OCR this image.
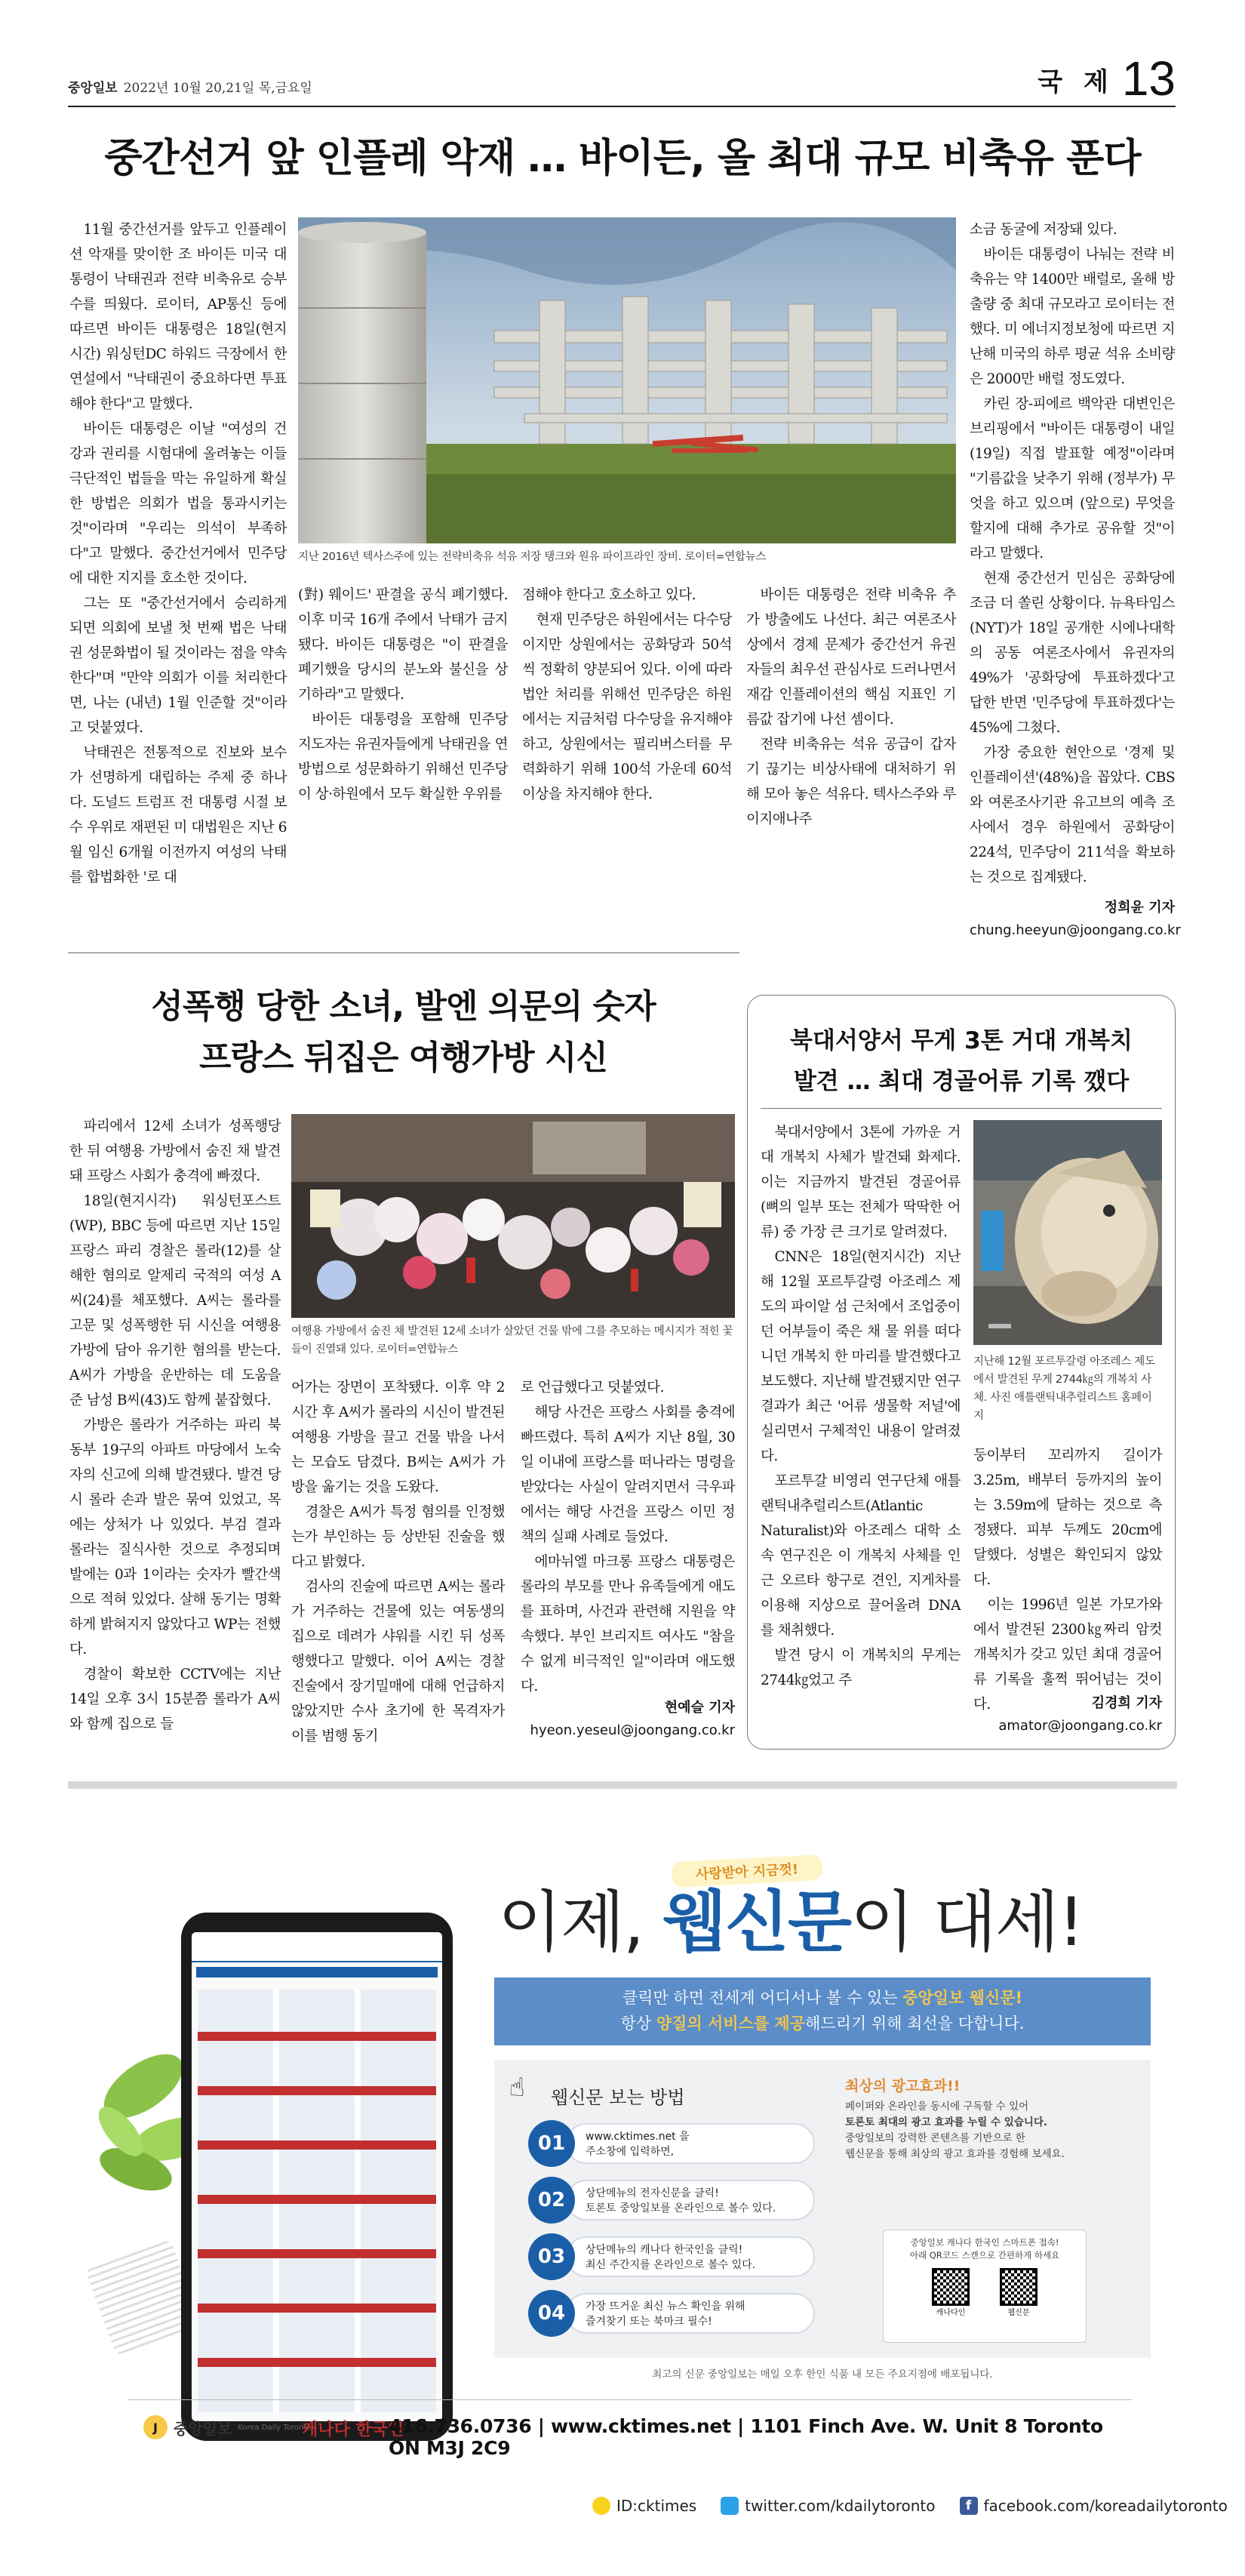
중앙일보 2022년 10월 20,21일 목,금요일	국 제 13
중간선거 앞 인플레 악재 … 바이든, 올 최대 규모 비축유 푼다

11월 중간선거를 앞두고 인플레이션 악재를 맞이한 조 바이든 미국 대통령이 낙태권과 전략 비축유로 승부수를 띄웠다. 로이터, AP통신 등에 따르면 바이든 대통령은 18일(현지시간) 워싱턴DC 하워드 극장에서 한 연설에서 "낙태권이 중요하다면 투표해야 한다"고 말했다.

바이든 대통령은 이날 "여성의 건강과 권리를 시험대에 올려놓는 이들 극단적인 법들을 막는 유일하게 확실한 방법은 의회가 법을 통과시키는 것"이라며 "우리는 의석이 부족하다"고 말했다. 중간선거에서 민주당에 대한 지지를 호소한 것이다.

그는 또 "중간선거에서 승리하게 되면 의회에 보낼 첫 번째 법은 낙태권 성문화법이 될 것이라는 점을 약속한다"며 "만약 의회가 이를 처리한다면, 나는 (내년) 1월 인준할 것"이라고 덧붙였다.

낙태권은 전통적으로 진보와 보수가 선명하게 대립하는 주제 중 하나다. 도널드 트럼프 전 대통령 시절 보수 우위로 재편된 미 대법원은 지난 6월 임신 6개월 이전까지 여성의 낙태를 합법화한 '로 대

지난 2016년 텍사스주에 있는 전략비축유 석유 저장 탱크와 원유 파이프라인 장비. 로이터=연합뉴스

(對) 웨이드' 판결을 공식 폐기했다. 이후 미국 16개 주에서 낙태가 금지됐다. 바이든 대통령은 "이 판결을 폐기했을 당시의 분노와 불신을 상기하라"고 말했다.

바이든 대통령을 포함해 민주당 지도자는 유권자들에게 낙태권을 연방법으로 성문화하기 위해선 민주당이 상·하원에서 모두 확실한 우위를

점해야 한다고 호소하고 있다.

현재 민주당은 하원에서는 다수당이지만 상원에서는 공화당과 50석씩 정확히 양분되어 있다. 이에 따라 법안 처리를 위해선 민주당은 하원에서는 지금처럼 다수당을 유지해야 하고, 상원에서는 필리버스터를 무력화하기 위해 100석 가운데 60석 이상을 차지해야 한다.

바이든 대통령은 전략 비축유 추가 방출에도 나선다. 최근 여론조사 상에서 경제 문제가 중간선거 유권자들의 최우선 관심사로 드러나면서 재감 인플레이션의 핵심 지표인 기름값 잡기에 나선 셈이다.

전략 비축유는 석유 공급이 갑자기 끊기는 비상사태에 대처하기 위해 모아 놓은 석유다. 텍사스주와 루이지애나주

소금 동굴에 저장돼 있다.

바이든 대통령이 나눠는 전략 비축유는 약 1400만 배럴로, 올해 방출량 중 최대 규모라고 로이터는 전했다. 미 에너지정보청에 따르면 지난해 미국의 하루 평균 석유 소비량은 2000만 배럴 정도였다.

카린 장-피에르 백악관 대변인은 브리핑에서 "바이든 대통령이 내일(19일) 직접 발표할 예정"이라며 "기름값을 낮추기 위해 (정부가) 무엇을 하고 있으며 (앞으로) 무엇을 할지에 대해 추가로 공유할 것"이라고 말했다.

현재 중간선거 민심은 공화당에 조금 더 쏠린 상황이다. 뉴욕타임스(NYT)가 18일 공개한 시에나대학의 공동 여론조사에서 유권자의 49%가 '공화당에 투표하겠다'고 답한 반면 '민주당에 투표하겠다'는 45%에 그쳤다.

가장 중요한 현안으로 '경제 및 인플레이션'(48%)을 꼽았다. CBS와 여론조사기관 유고브의 예측 조사에서 경우 하원에서 공화당이 224석, 민주당이 211석을 확보하는 것으로 집계됐다.

정희윤 기자
chung.heeyun@joongang.co.kr
성폭행 당한 소녀, 발엔 의문의 숫자
프랑스 뒤집은 여행가방 시신

파리에서 12세 소녀가 성폭행당한 뒤 여행용 가방에서 숨진 채 발견돼 프랑스 사회가 충격에 빠졌다.

18일(현지시각) 워싱턴포스트(WP), BBC 등에 따르면 지난 15일 프랑스 파리 경찰은 롤라(12)를 살해한 혐의로 알제리 국적의 여성 A씨(24)를 체포했다. A씨는 롤라를 고문 및 성폭행한 뒤 시신을 여행용 가방에 담아 유기한 혐의를 받는다. A씨가 가방을 운반하는 데 도움을 준 남성 B씨(43)도 함께 붙잡혔다.

가방은 롤라가 거주하는 파리 북동부 19구의 아파트 마당에서 노숙자의 신고에 의해 발견됐다. 발견 당시 롤라 손과 발은 묶여 있었고, 목에는 상처가 나 있었다. 부검 결과 롤라는 질식사한 것으로 추정되며 발에는 0과 1이라는 숫자가 빨간색으로 적혀 있었다. 살해 동기는 명확하게 밝혀지지 않았다고 WP는 전했다.

경찰이 확보한 CCTV에는 지난 14일 오후 3시 15분쯤 롤라가 A씨와 함께 집으로 들

여행용 가방에서 숨진 채 발견된 12세 소녀가 살았던 건물 밖에 그를 추모하는 메시지가 적힌 꽃들이 진열돼 있다. 로이터=연합뉴스

어가는 장면이 포착됐다. 이후 약 2시간 후 A씨가 롤라의 시신이 발견된 여행용 가방을 끌고 건물 밖을 나서는 모습도 담겼다. B씨는 A씨가 가방을 옮기는 것을 도왔다.

경찰은 A씨가 특정 혐의를 인정했는가 부인하는 등 상반된 진술을 했다고 밝혔다.

검사의 진술에 따르면 A씨는 롤라가 거주하는 건물에 있는 여동생의 집으로 데려가 샤워를 시킨 뒤 성폭행했다고 말했다. 이어 A씨는 경찰 진술에서 장기밀매에 대해 언급하지 않았지만 수사 초기에 한 목격자가 이를 범행 동기

로 언급했다고 덧붙였다.

해당 사건은 프랑스 사회를 충격에 빠뜨렸다. 특히 A씨가 지난 8월, 30일 이내에 프랑스를 떠나라는 명령을 받았다는 사실이 알려지면서 극우파에서는 해당 사건을 프랑스 이민 정책의 실패 사례로 들었다.

에마뉘엘 마크롱 프랑스 대통령은 롤라의 부모를 만나 유족들에게 애도를 표하며, 사건과 관련해 지원을 약속했다. 부인 브리지트 여사도 "참을 수 없게 비극적인 일"이라며 애도했다.

현예슬 기자
hyeon.yeseul@joongang.co.kr
북대서양서 무게 3톤 거대 개복치
발견 … 최대 경골어류 기록 깼다

북대서양에서 3톤에 가까운 거대 개복치 사체가 발견돼 화제다. 이는 지금까지 발견된 경골어류(뼈의 일부 또는 전체가 딱딱한 어류) 중 가장 큰 크기로 알려졌다.

CNN은 18일(현지시간) 지난해 12월 포르투갈령 아조레스 제도의 파이알 섬 근처에서 조업중이던 어부들이 죽은 채 물 위를 떠다니던 개복치 한 마리를 발견했다고 보도했다. 지난해 발견됐지만 연구 결과가 최근 '어류 생물학 저널'에 실리면서 구체적인 내용이 알려졌다.

포르투갈 비영리 연구단체 애틀랜틱내추럴리스트(Atlantic Naturalist)와 아조레스 대학 소속 연구진은 이 개복치 사체를 인근 오르타 항구로 견인, 지게차를 이용해 지상으로 끌어올려 DNA를 채취했다.

발견 당시 이 개복치의 무게는 2744㎏었고 주

지난해 12월 포르투갈령 아조레스 제도에서 발견된 무게 2744㎏의 개복치 사체. 사진 애틀랜틱내추럴리스트 홈페이지

둥이부터 꼬리까지 길이가 3.25m, 배부터 등까지의 높이는 3.59m에 달하는 것으로 측정됐다. 피부 두께도 20cm에 달했다. 성별은 확인되지 않았다.

이는 1996년 일본 가모가와에서 발견된 2300㎏짜리 암컷 개복치가 갖고 있던 최대 경골어류 기록을 훌쩍 뛰어넘는 것이다.	김경희 기자
amator@joongang.co.kr
사랑받아 지금껏!
이제, 웹신문이 대세!
클릭만 하면 전세계 어디서나 볼 수 있는 중앙일보 웹신문!
항상 양질의 서비스를 제공해드리기 위해 최선을 다합니다.
☝ 웹신문 보는 방법
01	www.cktimes.net 을
주소창에 입력하면,
02	상단메뉴의 전자신문을 클릭!
토론토 중앙일보를 온라인으로 볼수 있다.
03	상단메뉴의 캐나다 한국인을 클릭!
최신 주간지를 온라인으로 볼수 있다.
04	가장 뜨거운 최신 뉴스 확인을 위해
즐겨찾기 또는 북마크 필수!
최상의 광고효과!!
페이퍼와 온라인을 동시에 구독할 수 있어
토론토 최대의 광고 효과를 누릴 수 있습니다.
중앙일보의 강력한 콘텐츠를 기반으로 한
웹신문을 통해 최상의 광고 효과를 경험해 보세요.
중앙일보 캐나다 한국인 스마트폰 접속!
아래 QR코드 스캔으로 간편하게 하세요
캐나다인	웹신문
최고의 신문 중앙일보는 매일 오후 한인 식품 내 모든 주요지점에 배포됩니다.
J	중앙일보 Korea Daily Toronto
캐나다 한국인
416.736.0736 | www.cktimes.net | 1101 Finch Ave. W. Unit 8 Toronto ON M3J 2C9
ID:cktimes	twitter.com/kdailytoronto	f facebook.com/koreadailytoronto
